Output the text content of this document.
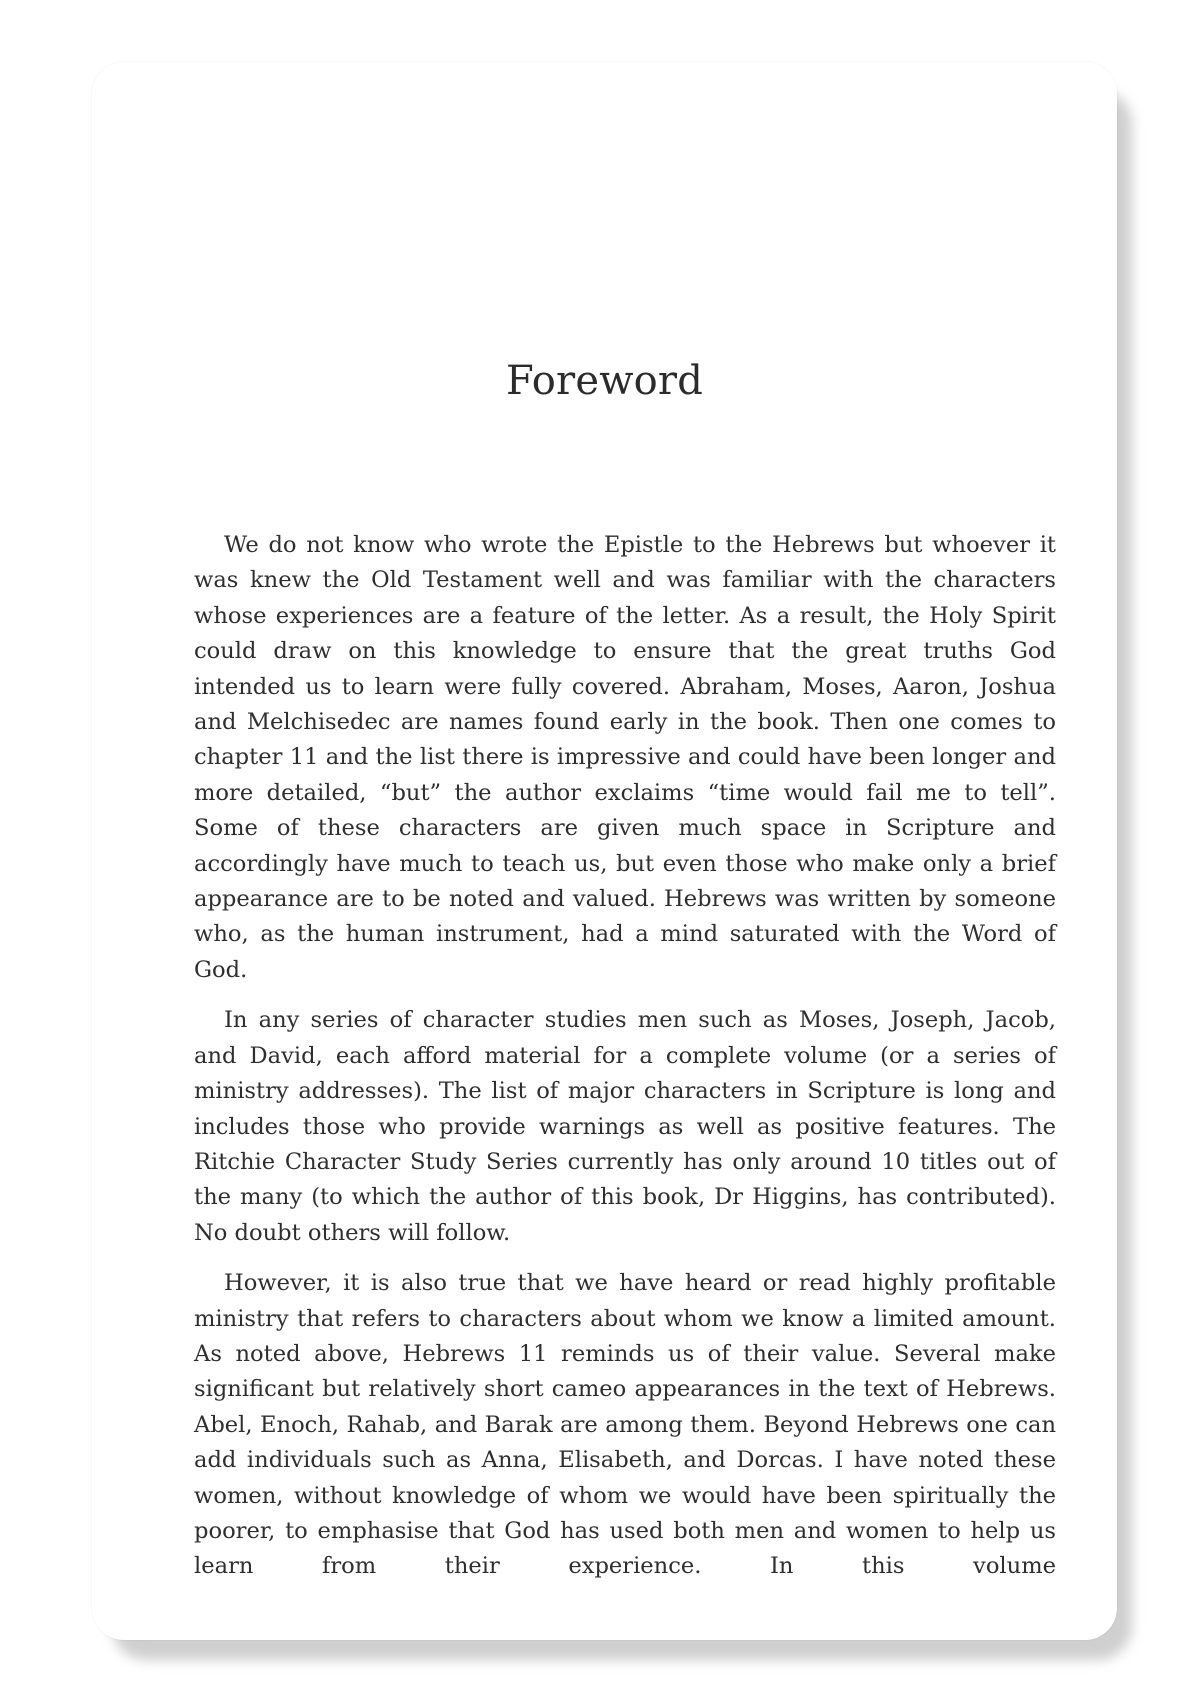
Foreword

We do not know who wrote the Epistle to the Hebrews but whoever it was knew the Old Testament well and was familiar with the characters whose experiences are a feature of the letter. As a result, the Holy Spirit could draw on this knowledge to ensure that the great truths God intended us to learn were fully covered. Abraham, Moses, Aaron, Joshua and Melchisedec are names found early in the book. Then one comes to chapter 11 and the list there is impressive and could have been longer and more detailed, “but” the author exclaims “time would fail me to tell”. Some of these characters are given much space in Scripture and accordingly have much to teach us, but even those who make only a brief appearance are to be noted and valued. Hebrews was written by someone who, as the human instrument, had a mind saturated with the Word of God.

In any series of character studies men such as Moses, Joseph, Jacob, and David, each afford material for a complete volume (or a series of ministry addresses). The list of major characters in Scripture is long and includes those who provide warnings as well as positive features. The Ritchie Character Study Series currently has only around 10 titles out of the many (to which the author of this book, Dr Higgins, has contributed). No doubt others will follow.

However, it is also true that we have heard or read highly profitable ministry that refers to characters about whom we know a limited amount. As noted above, Hebrews 11 reminds us of their value. Several make significant but relatively short cameo appearances in the text of Hebrews. Abel, Enoch, Rahab, and Barak are among them. Beyond Hebrews one can add individuals such as Anna, Elisabeth, and Dorcas. I have noted these women, without knowledge of whom we would have been spiritually the poorer, to emphasise that God has used both men and women to help us learn from their experience. In this volume
